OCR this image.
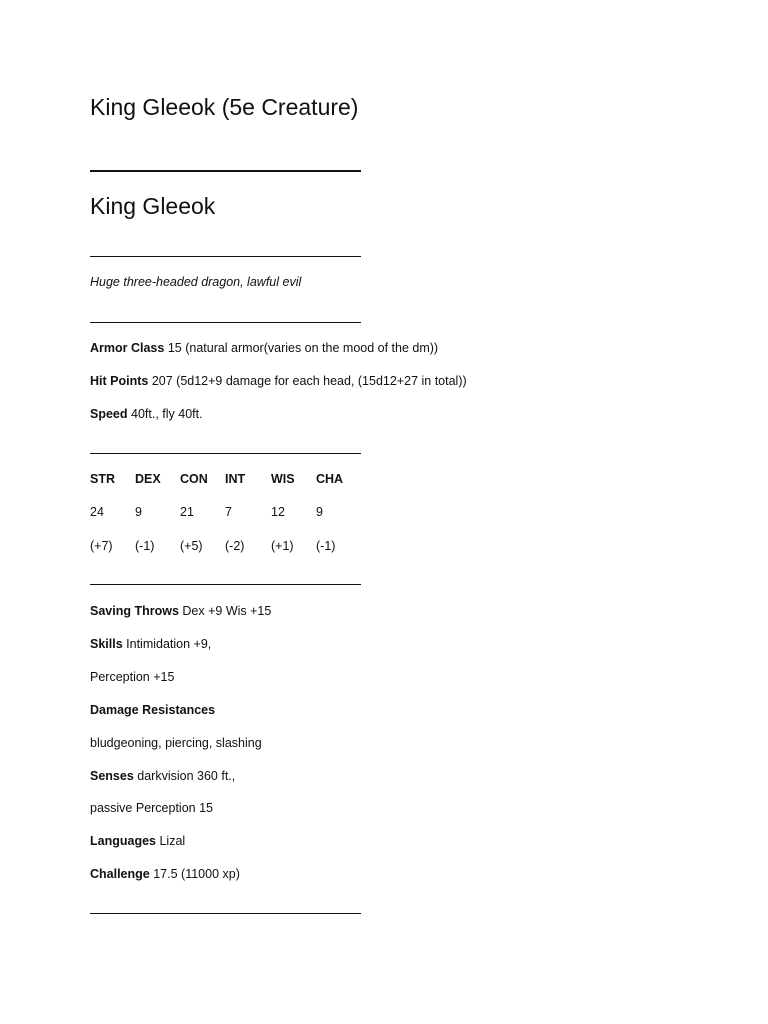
King Gleeok (5e Creature)
King Gleeok
Huge three-headed dragon, lawful evil
Armor Class 15 (natural armor(varies on the mood of the dm))
Hit Points 207 (5d12+9 damage for each head, (15d12+27 in total))
Speed 40ft., fly 40ft.
STR DEX CON INT WIS CHA
24 9	21 7	12 9
(+7) (-1) (+5) (-2) (+1) (-1)
Saving Throws Dex +9 Wis +15
Skills Intimidation +9,
Perception +15
Damage Resistances
bludgeoning, piercing, slashing
Senses darkvision 360 ft.,
passive Perception 15
Languages Lizal
Challenge 17.5 (11000 xp)
